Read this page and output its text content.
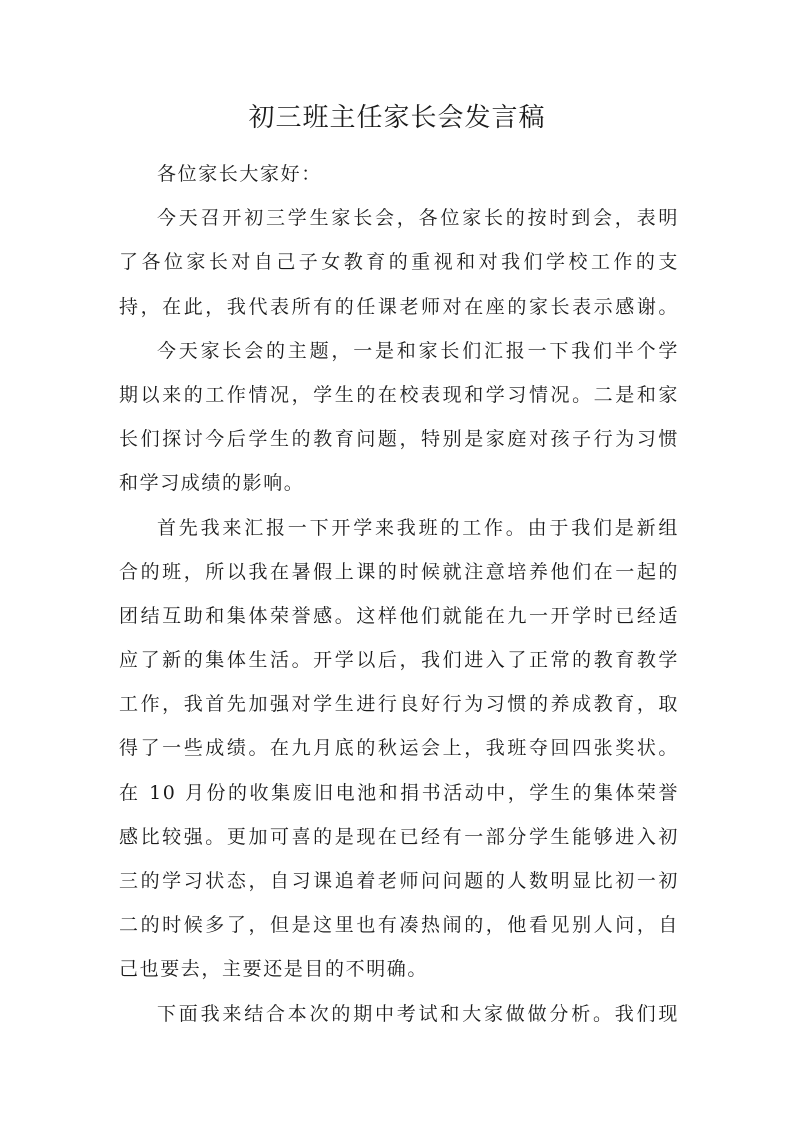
初三班主任家长会发言稿
各位家长大家好：
今天召开初三学生家长会，各位家长的按时到会，表明
了各位家长对自己子女教育的重视和对我们学校工作的支
持，在此，我代表所有的任课老师对在座的家长表示感谢。
今天家长会的主题，一是和家长们汇报一下我们半个学
期以来的工作情况，学生的在校表现和学习情况。二是和家
长们探讨今后学生的教育问题，特别是家庭对孩子行为习惯
和学习成绩的影响。
首先我来汇报一下开学来我班的工作。由于我们是新组
合的班，所以我在暑假上课的时候就注意培养他们在一起的
团结互助和集体荣誉感。这样他们就能在九一开学时已经适
应了新的集体生活。开学以后，我们进入了正常的教育教学
工作，我首先加强对学生进行良好行为习惯的养成教育，取
得了一些成绩。在九月底的秋运会上，我班夺回四张奖状。
在 10 月份的收集废旧电池和捐书活动中，学生的集体荣誉
感比较强。更加可喜的是现在已经有一部分学生能够进入初
三的学习状态，自习课追着老师问问题的人数明显比初一初
二的时候多了，但是这里也有凑热闹的，他看见别人问，自
己也要去，主要还是目的不明确。
下面我来结合本次的期中考试和大家做做分析。我们现
